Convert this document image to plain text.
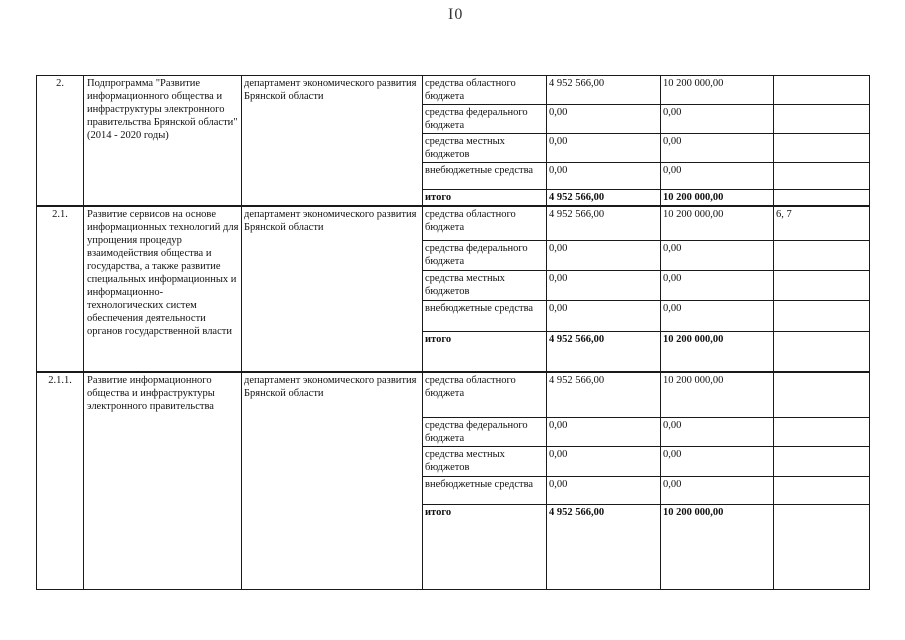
I0
2.	Подпрограмма "Развитие информационного общества и инфраструктуры электронного правительства Брянской области" (2014 - 2020 годы)	департамент экономического развития Брянской области	средства областного бюджета	4 952 566,00	10 200 000,00	
			средства федерального бюджета	0,00	0,00	
			средства местных бюджетов	0,00	0,00	
			внебюджетные средства	0,00	0,00	
			итого	4 952 566,00	10 200 000,00	
2.1.	Развитие сервисов на основе информационных технологий для упрощения процедур взаимодействия общества и государства, а также развитие специальных информационных и информационно-технологических систем обеспечения деятельности органов государственной власти	департамент экономического развития Брянской области	средства областного бюджета	4 952 566,00	10 200 000,00	6, 7
			средства федерального бюджета	0,00	0,00	
			средства местных бюджетов	0,00	0,00	
			внебюджетные средства	0,00	0,00	
			итого	4 952 566,00	10 200 000,00	
2.1.1.	Развитие информационного общества и инфраструктуры электронного правительства	департамент экономического развития Брянской области	средства областного бюджета	4 952 566,00	10 200 000,00	
			средства федерального бюджета	0,00	0,00	
			средства местных бюджетов	0,00	0,00	
			внебюджетные средства	0,00	0,00	
			итого	4 952 566,00	10 200 000,00	
